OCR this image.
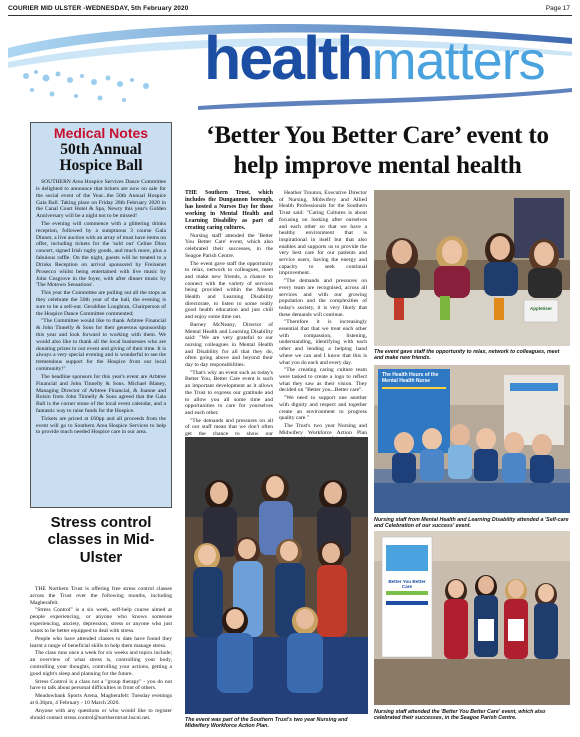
COURIER MID ULSTER -WEDNESDAY, 5th February 2020	Page 17
healthmatters
Medical Notes
50th Annual Hospice Ball

SOUTHERN Area Hospice Services Dance Committee is delighted to announce that tickets are now on sale for the social event of the Year...the 50th Annual Hospice Gala Ball. Taking place on Friday 28th February 2020 in the Canal Court Hotel & Spa, Newry this year's Golden Anniversary will be a night not to be missed!

The evening will commence with a glittering drinks reception, followed by a sumptuous 3 course Gala Dinner, a live auction with an array of must have items on offer, including tickets for the 'sold out' Celine Dion concert, signed Irish rugby goods, and much more, plus a fabulous raffle. On the night, guests will be treated to a Drinks Reception on arrival sponsored by Freixenet Prosecco whilst being entertained with live music by John Cosgrove in the foyer, with after dinner music by 'The Motown Sensations'.

This year the Committee are pulling out all the stops as they celebrate the 50th year of the ball, the evening is sure to be a sell-out. Geraldine Loughran, Chairperson of the Hospice Dance Committee commented;

"The Committee would like to thank Arbtree Financial & John Tinnelly & Sons for their generous sponsorship this year and look forward to working with them. We would also like to thank all the local businesses who are donating prizes to our event and giving of their time. It is always a very special evening and is wonderful to see the tremendous support for the Hospice from our local community!"

The headline sponsors for this year's event are Arbtree Financial and John Tinnelly & Sons. Michael Blaney, Managing Director of Arbtree Financial, & Joanne and Roisin from John Tinnelly & Sons agreed that the Gala Ball is the corner stone of the local event calendar, and a fantastic way to raise funds for the Hospice.

Tickets are priced at £60pp and all proceeds from the event will go to Southern Area Hospice Services to help to provide much needed Hospice care in our area.

Stress control classes in Mid-Ulster

THE Northern Trust is offering free stress control classes across the Trust over the following months, including Magherafelt.

"Stress Control" is a six week, self-help course aimed at people experiencing, or anyone who knows someone experiencing, anxiety, depression, stress or anyone who just wants to be better equipped to deal with stress.

People who have attended classes to date have found they learnt a range of beneficial skills to help them manage stress.

The class runs once a week for six weeks and topics include; an overview of what stress is, controlling your body, controlling your thoughts, controlling your actions, getting a good night's sleep and planning for the future.

Stress Control is a class not a "group therapy" - you do not have to talk about personal difficulties in front of others.

Meadowbank Sports Arena, Magherafelt: Tuesday evenings at 6.30pm, 4 February - 10 March 2020.

Anyone with any questions or who would like to register should contact stress.control@northerntrust.hscni.net.

‘Better You Better Care’ event to help improve mental health

THE Southern Trust, which includes the Dungannon borough, has hosted a Nurses Day for those working in Mental Health and Learning Disability as part of creating caring cultures.

Nursing staff attended the 'Better You Better Care' event, which also celebrated their successes, in the Seagoe Parish Centre.

The event gave staff the opportunity to relax, network to colleagues, meet and make new friends, a chance to connect with the variety of services being provided within the Mental Health and Learning Disability directorate, to listen to some really good health education and just chill and enjoy some time out.

Barney McNeany, Director of Mental Health and Learning Disability said: "We are very grateful to our nursing colleagues in Mental Health and Disability for all that they do, often going above and beyond their day to day responsibilities.

"That's why an event such as today's Better You, Better Care event is such an important development as it allows the Trust to express our gratitude and to allow you all some time and opportunities to care for yourselves and each other.

"The demands and pressures on all of our staff mean that we don't often get the chance to show our

Heather Trouton, Executive Director of Nursing, Midwifery and Allied Health Professionals for the Southern Trust said: "Caring Cultures is about focusing on looking after ourselves and each other so that we have a healthy environment that is inspirational in itself but that also enables and supports us to provide the very best care for our patients and service users, having the energy and capacity to seek continual improvement.

"The demands and pressures on every team are recognised, across all services and with our growing population and the complexities of today's society, it is very likely that these demands will continue.

"Therefore it is increasingly essential that that we treat each other with compassion, listening, understanding, identifying with each other and lending a helping hand where we can and I know that this is what you do each and every day.

"The creating caring culture team were tasked to create a logo to reflect what they saw as their vision. They decided on "Better you...Better care".

"We need to support one another with dignity and respect and together create an environment to progress quality care."

The Trust's two year Nursing and Midwifery Workforce Action Plan

Appletiser
The event gave staff the opportunity to relax, network to colleagues, meet and make new friends.
The Health Hours of the Mental Health Nurse
Nursing staff from Mental Health and Learning Disability attended a 'Self-care and Celebration of our success' event.
The event was part of the Southern Trust's two year Nursing and Midwifery Workforce Action Plan.
Better You Better Care
Nursing staff attended the 'Better You Better Care' event, which also celebrated their successes, in the Seagoe Parish Centre.
